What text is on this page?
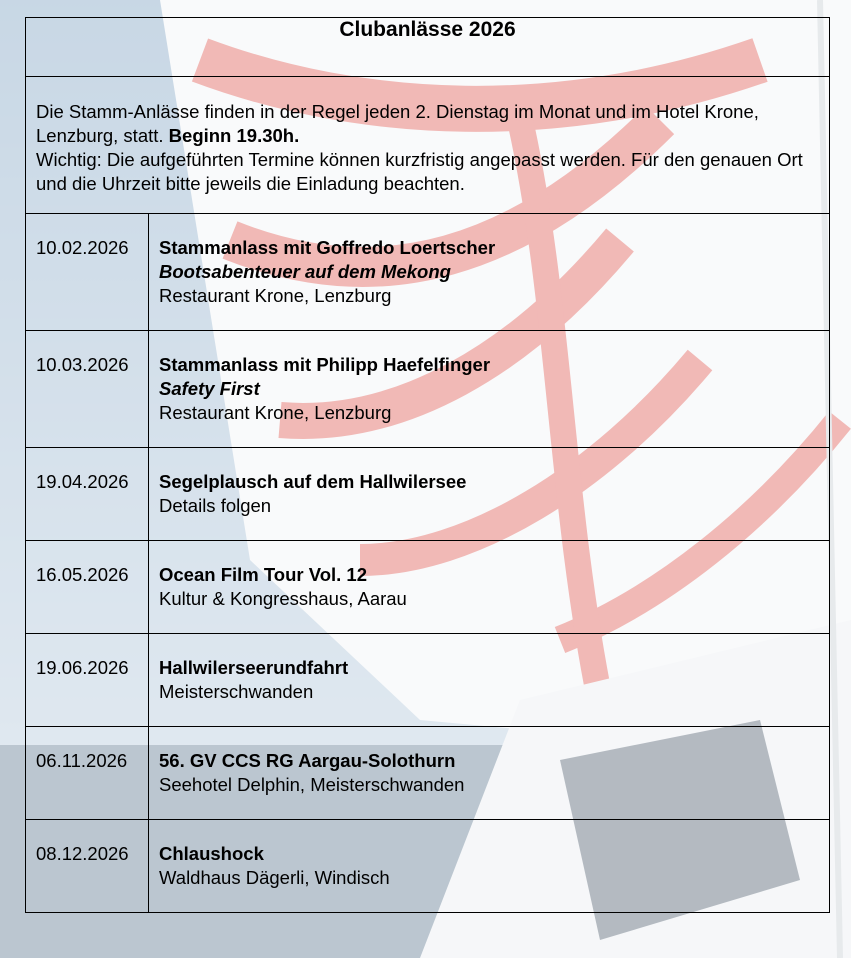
Clubanlässe 2026	
Die Stamm-Anlässe finden in der Regel jeden 2. Dienstag im Monat und im Hotel Krone, Lenzburg, statt. Beginn 19.30h.
Wichtig: Die aufgeführten Termine können kurzfristig angepasst werden. Für den genauen Ort und die Uhrzeit bitte jeweils die Einladung beachten.	
10.02.2026	Stammanlass mit Goffredo Loertscher
Bootsabenteuer auf dem Mekong
Restaurant Krone, Lenzburg

10.03.2026	Stammanlass mit Philipp Haefelfinger
Safety First
Restaurant Krone, Lenzburg

19.04.2026	Segelplausch auf dem Hallwilersee
Details folgen

16.05.2026	Ocean Film Tour Vol. 12
Kultur & Kongresshaus, Aarau

19.06.2026	Hallwilerseerundfahrt
Meisterschwanden

06.11.2026	56. GV CCS RG Aargau-Solothurn
Seehotel Delphin, Meisterschwanden

08.12.2026	Chlaushock
Waldhaus Dägerli, Windisch
